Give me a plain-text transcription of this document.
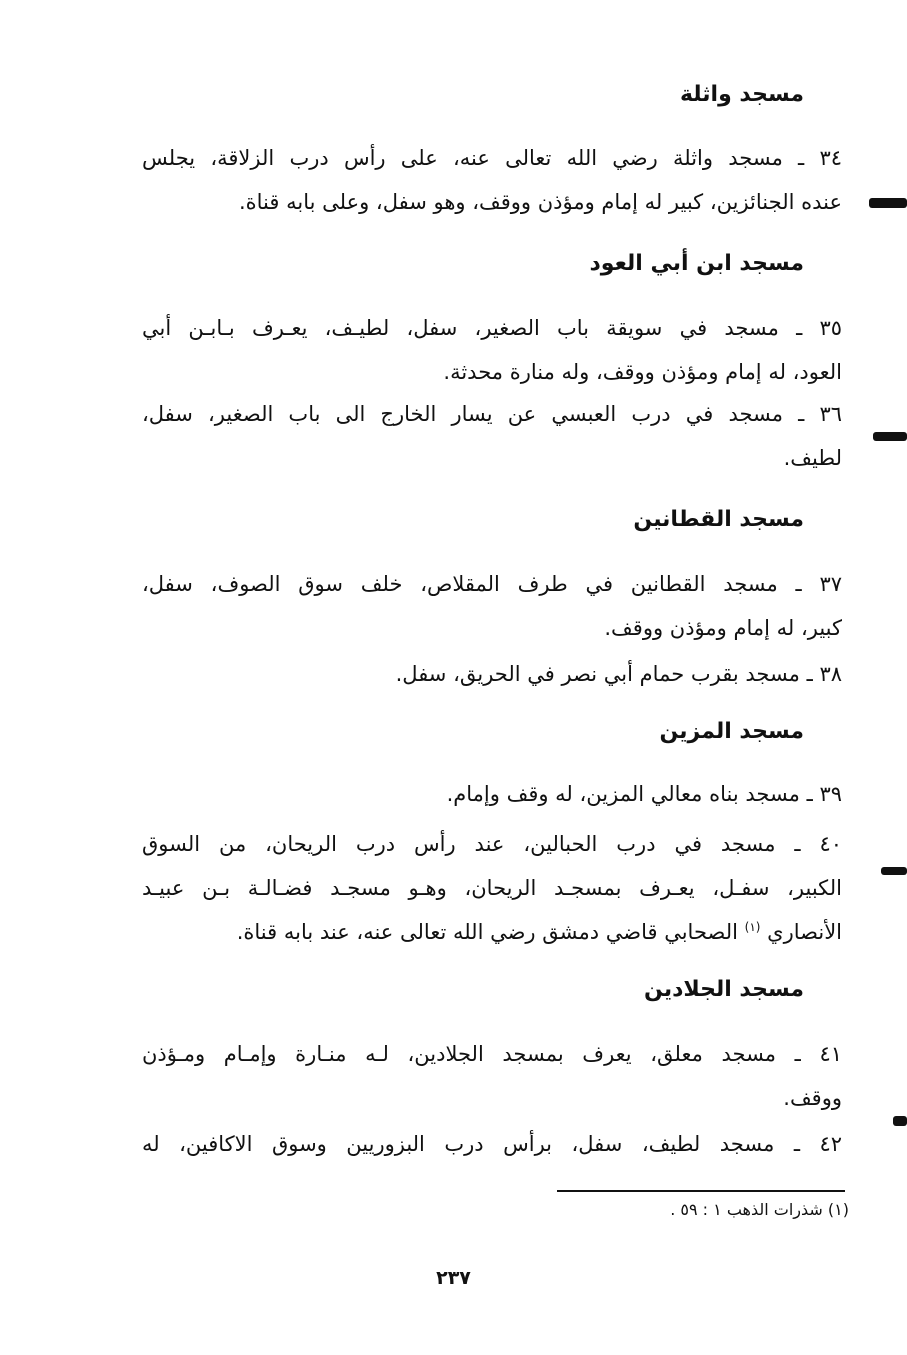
مسجد واثلة
٣٤ ـ مسجد واثلة رضي الله تعالى عنه، على رأس درب الزلاقة، يجلس
عنده الجنائزين، كبير له إمام ومؤذن ووقف، وهو سفل، وعلى بابه قناة.
مسجد ابن أبي العود
٣٥ ـ مسجد في سويقة باب الصغير، سفل، لطيـف، يعـرف بـابـن أبي
العود، له إمام ومؤذن ووقف، وله منارة محدثة.
٣٦ ـ مسجد في درب العبسي عن يسار الخارج الى باب الصغير، سفل،
لطيف.
مسجد القطانين
٣٧ ـ مسجد القطانين في طرف المقلاص، خلف سوق الصوف، سفل،
كبير، له إمام ومؤذن ووقف.
٣٨ ـ مسجد بقرب حمام أبي نصر في الحريق، سفل.
مسجد المزين
٣٩ ـ مسجد بناه معالي المزين، له وقف وإمام.
٤٠ ـ مسجد في درب الحبالين، عند رأس درب الريحان، من السوق
الكبير، سفـل، يعـرف بمسجـد الريحان، وهـو مسجـد فضـالـة بـن عبيـد
الأنصاري $^{(١)}$ الصحابي قاضي دمشق رضي الله تعالى عنه، عند بابه قناة.
مسجد الجلادين
٤١ ـ مسجد معلق، يعرف بمسجد الجلادين، لـه منـارة وإمـام ومـؤذن
ووقف.
٤٢ ـ مسجد لطيف، سفل، برأس درب البزوريين وسوق الاكافين، له
(١) شذرات الذهب ١ : ٥٩ .
٢٣٧
